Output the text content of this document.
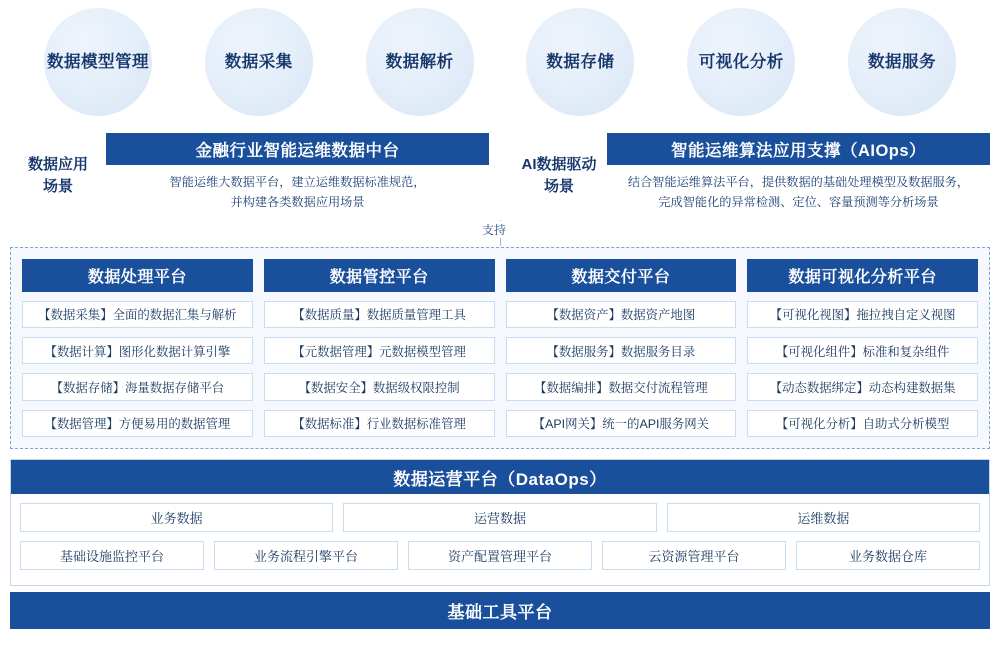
数据模型管理	数据采集	数据解析	数据存储	可视化分析	数据服务
数据应用
场景
金融行业智能运维数据中台
智能运维大数据平台，建立运维数据标准规范，
并构建各类数据应用场景
AI数据驱动
场景
智能运维算法应用支撑（AIOps）
结合智能运维算法平台，提供数据的基础处理模型及数据服务，
完成智能化的异常检测、定位、容量预测等分析场景
支持
数据处理平台
【数据采集】全面的数据汇集与解析
【数据计算】图形化数据计算引擎
【数据存储】海量数据存储平台
【数据管理】方便易用的数据管理
数据管控平台
【数据质量】数据质量管理工具
【元数据管理】元数据模型管理
【数据安全】数据级权限控制
【数据标准】行业数据标准管理
数据交付平台
【数据资产】数据资产地图
【数据服务】数据服务目录
【数据编排】数据交付流程管理
【API网关】统一的API服务网关
数据可视化分析平台
【可视化视图】拖拉拽自定义视图
【可视化组件】标准和复杂组件
【动态数据绑定】动态构建数据集
【可视化分析】自助式分析模型
数据运营平台（DataOps）
业务数据	运营数据	运维数据
基础设施监控平台	业务流程引擎平台	资产配置管理平台	云资源管理平台	业务数据仓库
基础工具平台
